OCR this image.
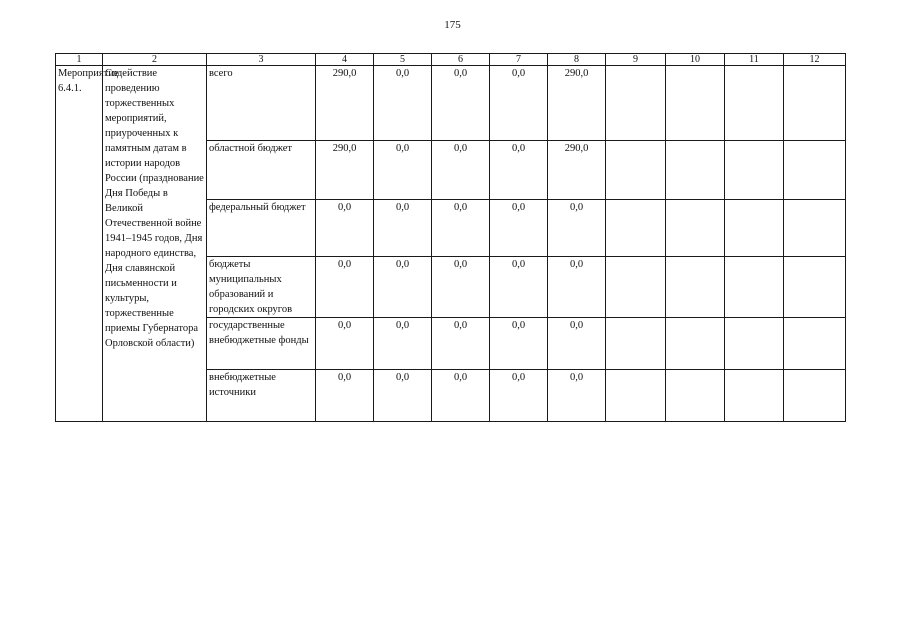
175
1	2	3	4	5	6	7	8	9	10	11	12
Мероприятие 6.4.1.	Содействие проведению торжественных мероприятий, приуроченных к памятным датам в истории народов России (празднование Дня Победы в Великой Отечественной войне 1941–1945 годов, Дня народного единства, Дня славянской письменности и культуры, торжественные приемы Губернатора Орловской области)	всего	290,0	0,0	0,0	0,0	290,0				
		областной бюджет	290,0	0,0	0,0	0,0	290,0				
		федеральный бюджет	0,0	0,0	0,0	0,0	0,0				
		бюджеты муниципальных образований и городских округов	0,0	0,0	0,0	0,0	0,0				
		государственные внебюджетные фонды	0,0	0,0	0,0	0,0	0,0				
		внебюджетные источники	0,0	0,0	0,0	0,0	0,0				
